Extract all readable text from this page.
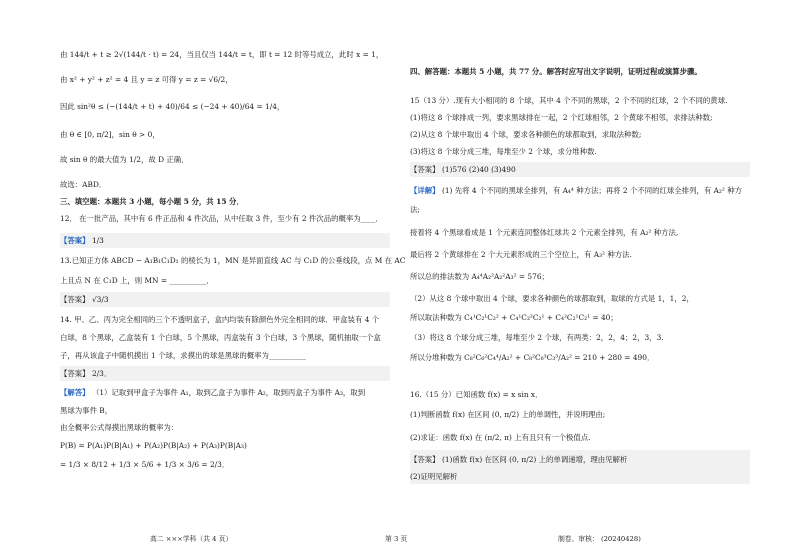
由 144/t + t ≥ 2√(144/t · t) = 24，当且仅当 144/t = t，即 t = 12 时等号成立，此时 x = 1，
由 x² + y² + z² = 4 且 y = z 可得 y = z = √6/2，
因此 sin²θ ≤ (−(144/t + t) + 40)/64 ≤ (−24 + 40)/64 = 1/4，
由 θ ∈ [0, π/2]，sin θ > 0，
故 sin θ 的最大值为 1/2，故 D 正确．
故选：ABD．
三、填空题：本题共 3 小题，每小题 5 分，共 15 分．
12． 在一批产品，其中有 6 件正品和 4 件次品，从中任取 3 件，至少有 2 件次品的概率为____．
【答案】 1/3
13.已知正方体 ABCD − A₁B₁C₁D₁ 的棱长为 1，MN 是异面直线 AC 与 C₁D 的公垂线段，点 M 在 AC
上且点 N 在 C₁D 上，则 MN = __________．
【答案】 √3/3
14. 甲、乙、丙为完全相同的三个不透明盒子，盒内均装有除颜色外完全相同的球．甲盒装有 4 个
白球，8 个黑球，乙盒装有 1 个白球，5 个黑球，丙盒装有 3 个白球，3 个黑球，随机抽取一个盒
子，再从该盒子中随机摸出 1 个球，求摸出的球是黑球的概率为__________
【答案】 2/3．
【解答】 （1）记取到甲盒子为事件 A₁，取到乙盒子为事件 A₂，取到丙盒子为事件 A₃，取到
黑球为事件 B，
由全概率公式得摸出黑球的概率为：
P(B) = P(A₁)P(B|A₁) + P(A₂)P(B|A₂) + P(A₃)P(B|A₃)
= 1/3 × 8/12 + 1/3 × 5/6 + 1/3 × 3/6 = 2/3．
四、解答题：本题共 5 小题，共 77 分。解答时应写出文字说明，证明过程或演算步骤。
15（13 分）.现有大小相同的 8 个球，其中 4 个不同的黑球，2 个不同的红球，2 个不同的黄球.
(1)将这 8 个球排成一列，要求黑球排在一起，2 个红球相邻，2 个黄球不相邻，求排法种数;
(2)从这 8 个球中取出 4 个球，要求各种颜色的球都取到，求取法种数;
(3)将这 8 个球分成三堆，每堆至少 2 个球，求分堆种数.
【答案】 (1)576 (2)40 (3)490
【详解】 (1) 先将 4 个不同的黑球全排列，有 A₄⁴ 种方法；再将 2 个不同的红球全排列，有 A₂² 种方
法;
接着将 4 个黑球看成是 1 个元素连同整体红球共 2 个元素全排列，有 A₂² 种方法,
最后将 2 个黄球排在 2 个大元素形成的三个空位上，有 A₃² 种方法.
所以总的排法数为 A₄⁴A₂²A₂²A₃² = 576；
（2）从这 8 个球中取出 4 个球，要求各种颜色的球都取到，取球的方式是 1，1，2，
所以取法种数为 C₄¹C₂¹C₂² + C₄¹C₂²C₂¹ + C₄²C₂¹C₂¹ = 40；
（3）将这 8 个球分成三堆，每堆至少 2 个球，有两类：2，2，4；2，3，3.
所以分堆种数为 C₈²C₆²C₄⁴/A₂² + C₈²C₆³C₃³/A₂² = 210 + 280 = 490．
16.（15 分）已知函数 f(x) = x sin x．
(1)判断函数 f(x) 在区间 (0, π/2) 上的单调性，并说明理由;
(2)求证：函数 f(x) 在 (π/2, π) 上有且只有一个极值点.
【答案】 (1)函数 f(x) 在区间 (0, π/2) 上的单调递增，理由见解析
(2)证明见解析
高二 ×××学科（共 4 页）	第 3 页	制卷、审核： (20240428)
